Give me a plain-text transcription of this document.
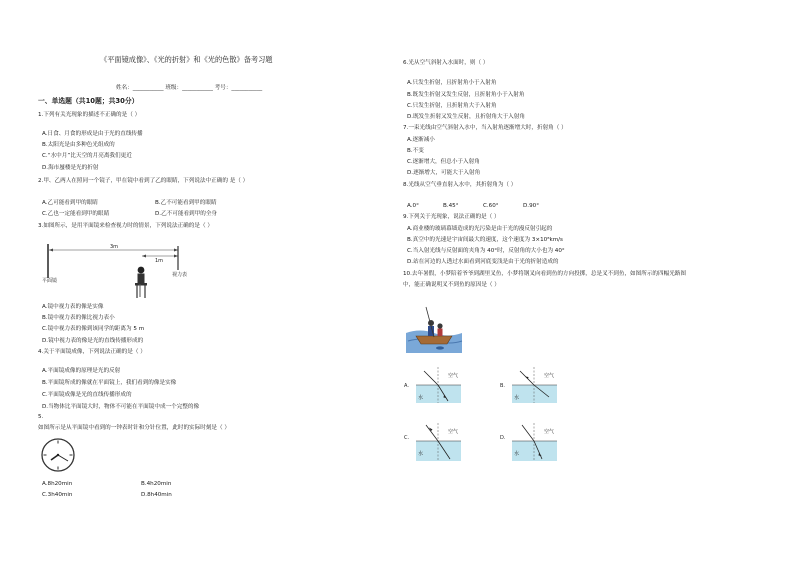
《平面镜成像》、《光的折射》和《光的色散》备考习题
姓名：___________ 班级：___________ 考号：___________
一、单选题（共10题；共30分）
1.下列有关光现象的描述不正确的是（ ）
A.日食、月食的形成是由于光的直线传播
B.太阳光是由多种色光组成的
C.“水中月”比天空的月亮离我们更近
D.海市蜃楼是光的折射
2.甲、乙两人在照同一个镜子，甲在镜中看到了乙的眼睛，下列说法中正确的 是（ ）
A.乙可能看到甲的眼睛	B.乙不可能看到甲的眼睛
C.乙也一定能看到甲的眼睛	D.乙不可能看到甲的全身
3.如图所示，是用平面镜来检查视力时的情景，下列说法正确的是（ ）
3m
1m
平面镜
视力表
A.镜中视力表的像是实像
B.镜中视力表的像比视力表小
C.镜中视力表的像到该同学的距离为 5 m
D.镜中视力表的像是光的直线传播形成的
4.关于平面镜成像，下列说法正确的是（ ）
A.平面镜成像的原理是光的反射
B.平面镜所成的像就在平面镜上，我们看到的像是实像
C.平面镜成像是光的直线传播形成的
D.当物体比平面镜大时，物体不可能在平面镜中成一个完整的像
5.
如图所示是从平面镜中看到的一钟表时针和分针位置，此时的实际时刻是（ ）
A.8h20min	B.4h20min
C.3h40min	D.8h40min
6.光从空气斜射入水面时，则（ ）
A.只发生折射，且折射角小于入射角
B.既发生折射又发生反射，且折射角小于入射角
C.只发生折射，且折射角大于入射角
D.既发生折射又发生反射，且折射角大于入射角
7.一束光线由空气斜射入水中，当入射角逐渐增大时，折射角（ ）
A.逐渐减小
B.不变
C.逐渐增大，但总小于入射角
D.逐渐增大，可能大于入射角
8.光线从空气垂直射入水中，其折射角为（ ）
A.0°	B.45°	C.60°	D.90°
9.下列关于光现象，说法正确的是（ ）
A.商业楼的玻璃幕墙造成的光污染是由于光的漫反射引起的
B.真空中的光速是宇宙间最大的速度，这个速度为 3×10⁸km/s
C.当入射光线与反射面的夹角为 40°时，反射角的大小也为 40°
D.站在河边的人透过水面看到河底变浅是由于光的折射造成的
10.去年暑假，小梦陪着爷爷到湖里叉鱼，小梦将钢叉向看到鱼的方向投掷，总是叉不到鱼，如图所示的四幅光路图
中，能正确说明叉不到鱼的原因是（ ）
A.
空气
水
B.
空气
水
C.
空气
水
D.
空气
水
